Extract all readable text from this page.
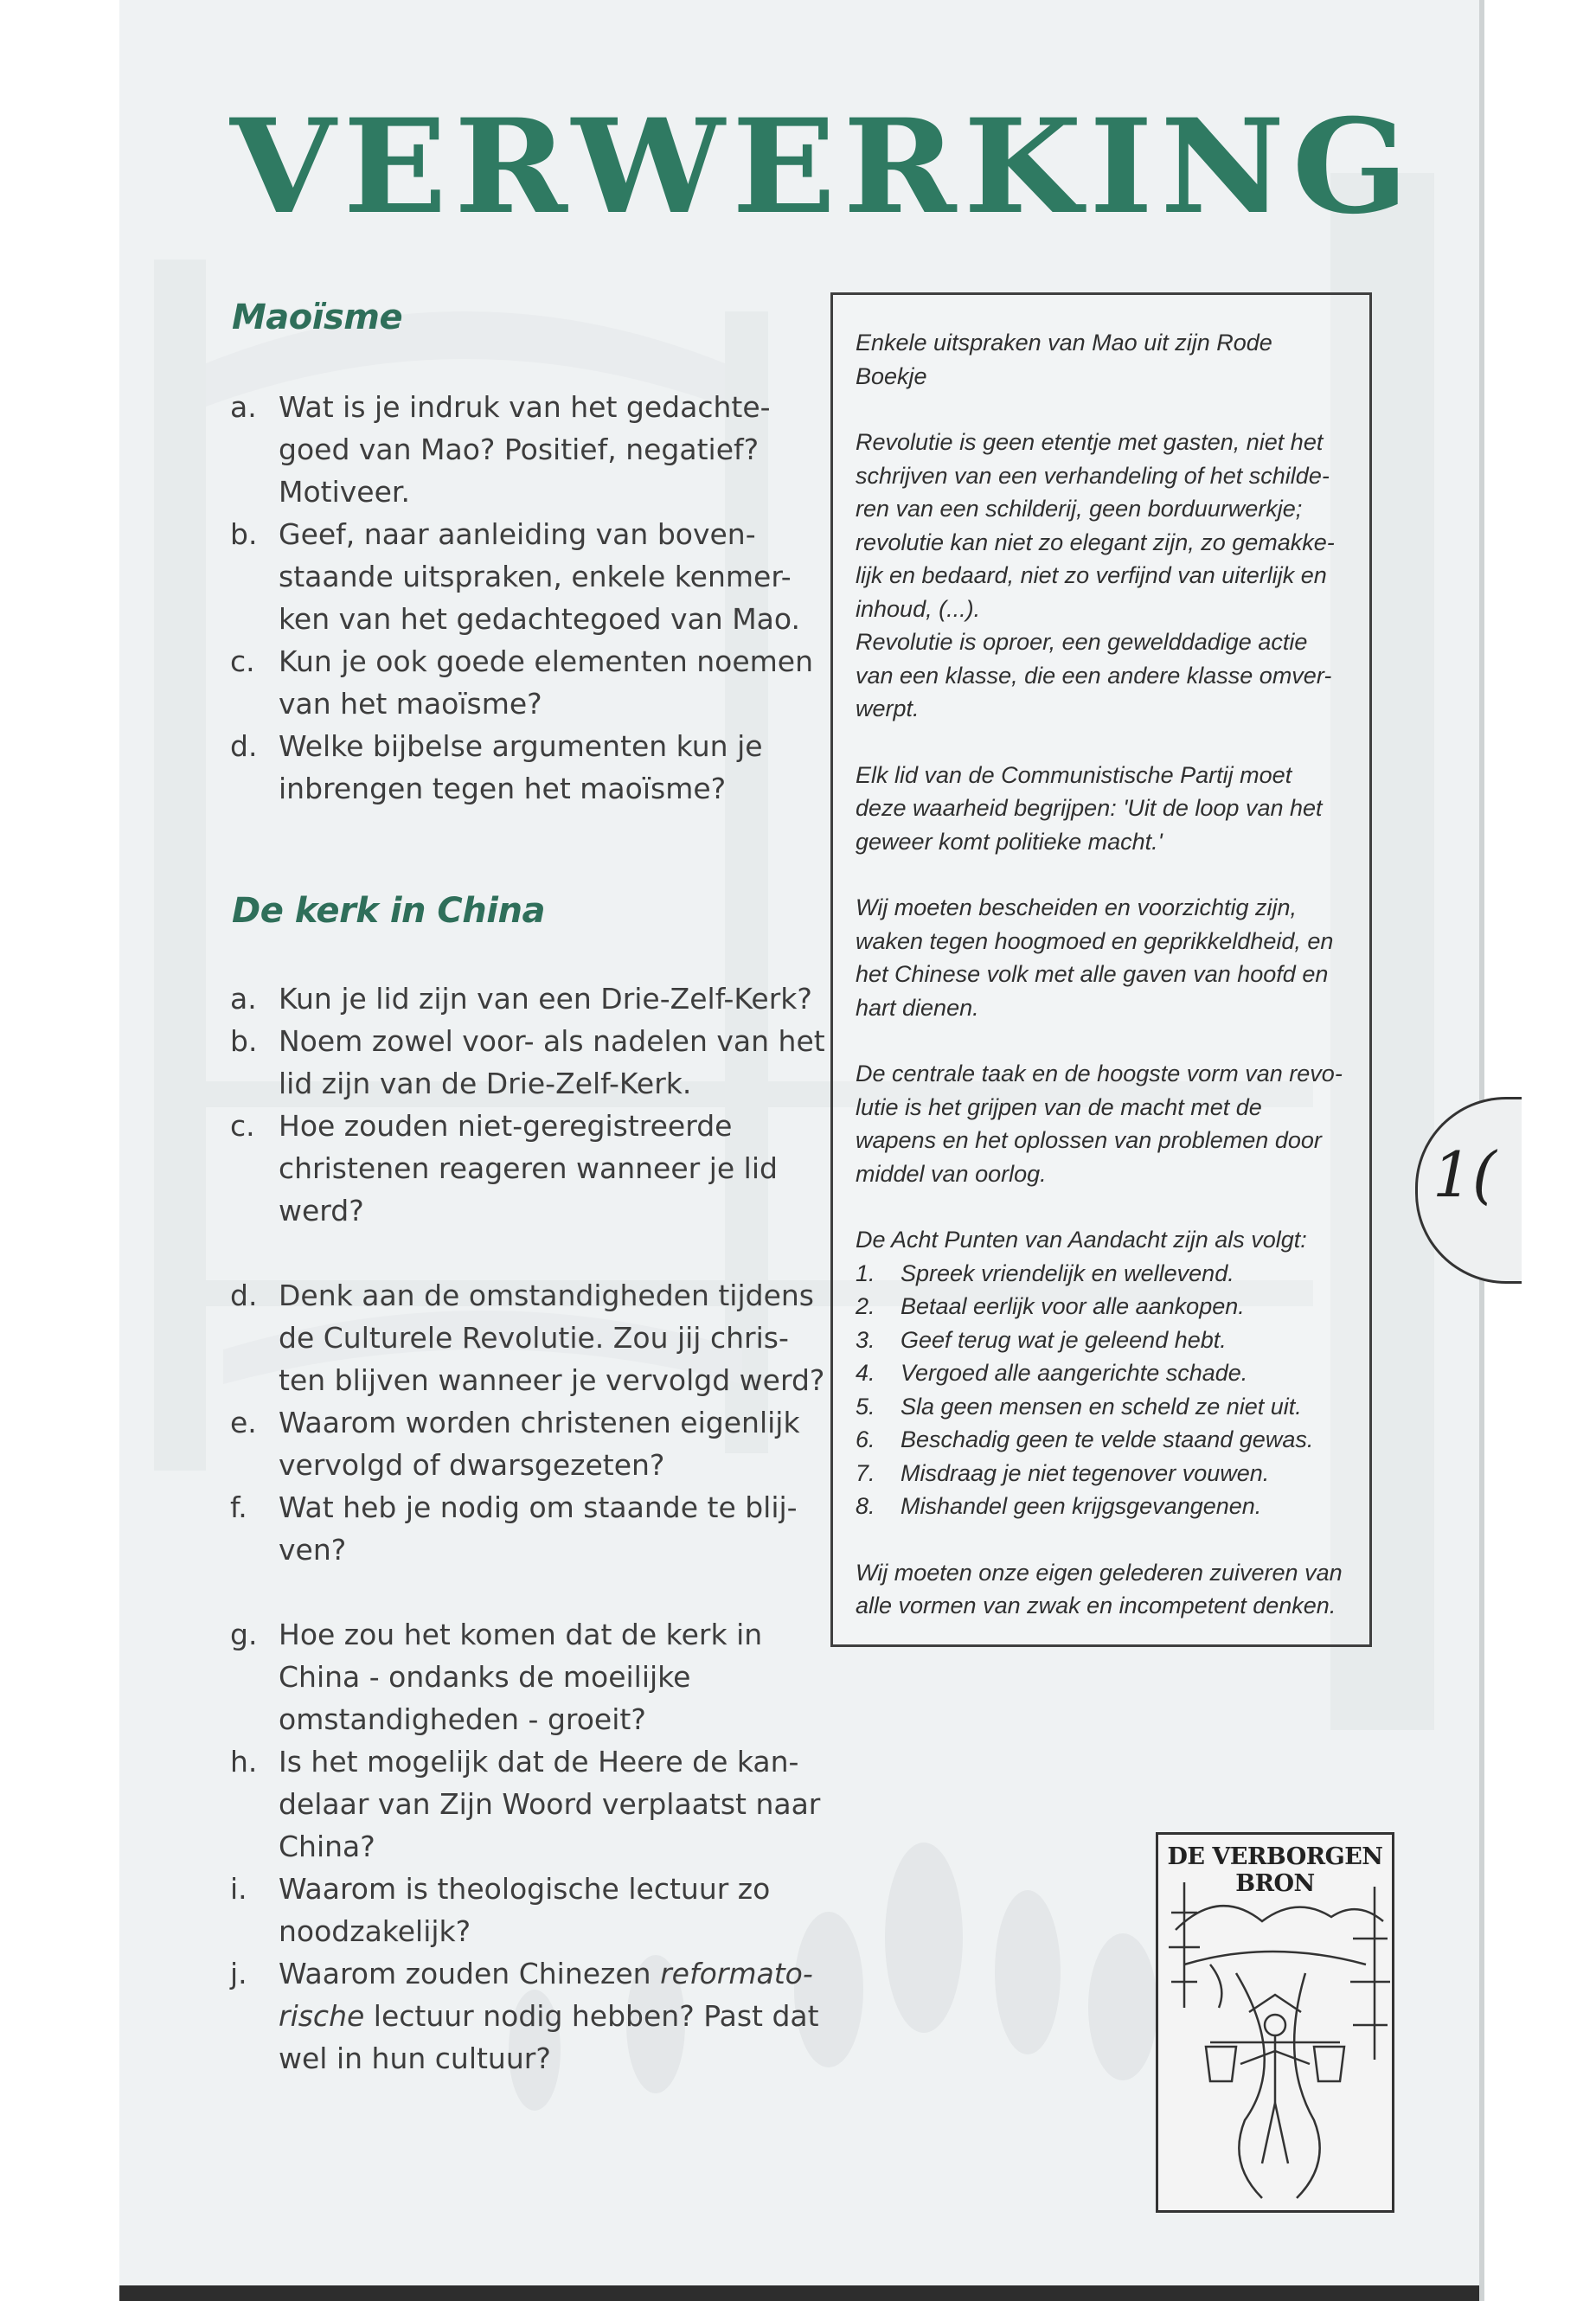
VERWERKING
Maoïsme
a. Wat is je indruk van het gedachte-goed van Mao? Positief, negatief? Motiveer.
b. Geef, naar aanleiding van boven-staande uitspraken, enkele kenmer-ken van het gedachtegoed van Mao.
c. Kun je ook goede elementen noemen van het maoïsme?
d. Welke bijbelse argumenten kun je inbrengen tegen het maoïsme?
De kerk in China
a. Kun je lid zijn van een Drie-Zelf-Kerk?
b. Noem zowel voor- als nadelen van het lid zijn van de Drie-Zelf-Kerk.
c. Hoe zouden niet-geregistreerde christenen reageren wanneer je lid werd?
d. Denk aan de omstandigheden tijdens de Culturele Revolutie. Zou jij chris-ten blijven wanneer je vervolgd werd?
e. Waarom worden christenen eigenlijk vervolgd of dwarsgezeten?
f.	Wat heb je nodig om staande te blij-ven?
g. Hoe zou het komen dat de kerk in China - ondanks de moeilijke omstandigheden - groeit?
h. Is het mogelijk dat de Heere de kan-delaar van Zijn Woord verplaatst naar China?
i.	Waarom is theologische lectuur zo noodzakelijk?
j.	Waarom zouden Chinezen reformato-rische lectuur nodig hebben? Past dat wel in hun cultuur?

Enkele uitspraken van Mao uit zijn Rode Boekje

Revolutie is geen etentje met gasten, niet het schrijven van een verhandeling of het schilde-ren van een schilderij, geen borduurwerkje; revolutie kan niet zo elegant zijn, zo gemakke-lijk en bedaard, niet zo verfijnd van uiterlijk en inhoud, (...).

Revolutie is oproer, een gewelddadige actie van een klasse, die een andere klasse omver-werpt.

Elk lid van de Communistische Partij moet deze waarheid begrijpen: 'Uit de loop van het geweer komt politieke macht.'

Wij moeten bescheiden en voorzichtig zijn, waken tegen hoogmoed en geprikkeldheid, en het Chinese volk met alle gaven van hoofd en hart dienen.

De centrale taak en de hoogste vorm van revo-lutie is het grijpen van de macht met de wapens en het oplossen van problemen door middel van oorlog.

De Acht Punten van Aandacht zijn als volgt:

1. Spreek vriendelijk en wellevend.
2. Betaal eerlijk voor alle aankopen.
3. Geef terug wat je geleend hebt.
4. Vergoed alle aangerichte schade.
5. Sla geen mensen en scheld ze niet uit.
6. Beschadig geen te velde staand gewas.
7. Misdraag je niet tegenover vouwen.
8. Mishandel geen krijgsgevangenen.

Wij moeten onze eigen gelederen zuiveren van alle vormen van zwak en incompetent denken.

1(
DE VERBORGEN BRON
